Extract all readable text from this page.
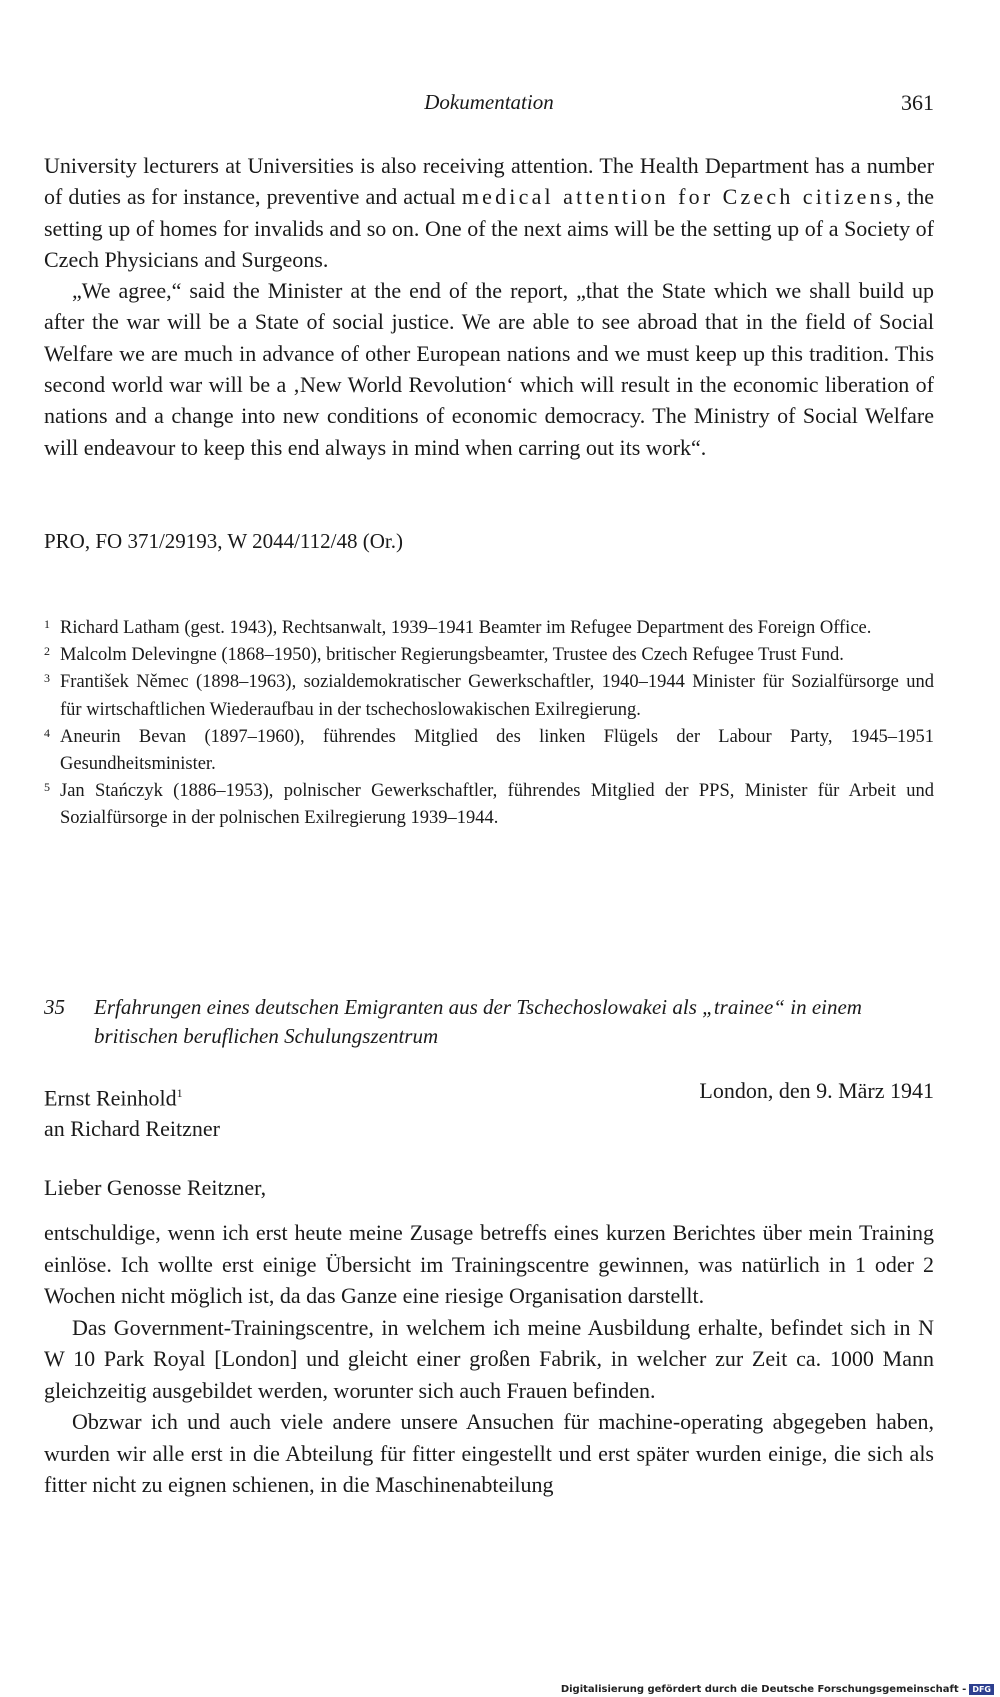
Dokumentation	361
University lecturers at Universities is also receiving attention. The Health Department has a number of duties as for instance, preventive and actual medical attention for Czech citizens, the setting up of homes for invalids and so on. One of the next aims will be the setting up of a Society of Czech Physicians and Surgeons.
„We agree,“ said the Minister at the end of the report, „that the State which we shall build up after the war will be a State of social justice. We are able to see abroad that in the field of Social Welfare we are much in advance of other European nations and we must keep up this tradition. This second world war will be a ‚New World Revolution‘ which will result in the economic liberation of nations and a change into new conditions of economic democracy. The Ministry of Social Welfare will endeavour to keep this end always in mind when carring out its work“.
PRO, FO 371/29193, W 2044/112/48 (Or.)
1 Richard Latham (gest. 1943), Rechtsanwalt, 1939–1941 Beamter im Refugee Department des Foreign Office.
2 Malcolm Delevingne (1868–1950), britischer Regierungsbeamter, Trustee des Czech Refugee Trust Fund.
3 František Němec (1898–1963), sozialdemokratischer Gewerkschaftler, 1940–1944 Minister für Sozialfürsorge und für wirtschaftlichen Wiederaufbau in der tschechoslowakischen Exilregierung.
4 Aneurin Bevan (1897–1960), führendes Mitglied des linken Flügels der Labour Party, 1945–1951 Gesundheitsminister.
5 Jan Stańczyk (1886–1953), polnischer Gewerkschaftler, führendes Mitglied der PPS, Minister für Arbeit und Sozialfürsorge in der polnischen Exilregierung 1939–1944.
35 Erfahrungen eines deutschen Emigranten aus der Tschechoslowakei als „trainee“ in einem britischen beruflichen Schulungszentrum
Ernst Reinhold$^1$
an Richard Reitzner
London, den 9. März 1941
Lieber Genosse Reitzner,
entschuldige, wenn ich erst heute meine Zusage betreffs eines kurzen Berichtes über mein Training einlöse. Ich wollte erst einige Übersicht im Trainingscentre gewinnen, was natürlich in 1 oder 2 Wochen nicht möglich ist, da das Ganze eine riesige Organisation darstellt.
Das Government-Trainingscentre, in welchem ich meine Ausbildung erhalte, befindet sich in N W 10 Park Royal [London] und gleicht einer großen Fabrik, in welcher zur Zeit ca. 1000 Mann gleichzeitig ausgebildet werden, worunter sich auch Frauen befinden.
Obzwar ich und auch viele andere unsere Ansuchen für machine-operating abgegeben haben, wurden wir alle erst in die Abteilung für fitter eingestellt und erst später wurden einige, die sich als fitter nicht zu eignen schienen, in die Maschinenabteilung
Digitalisierung gefördert durch die Deutsche Forschungsgemeinschaft - DFG
